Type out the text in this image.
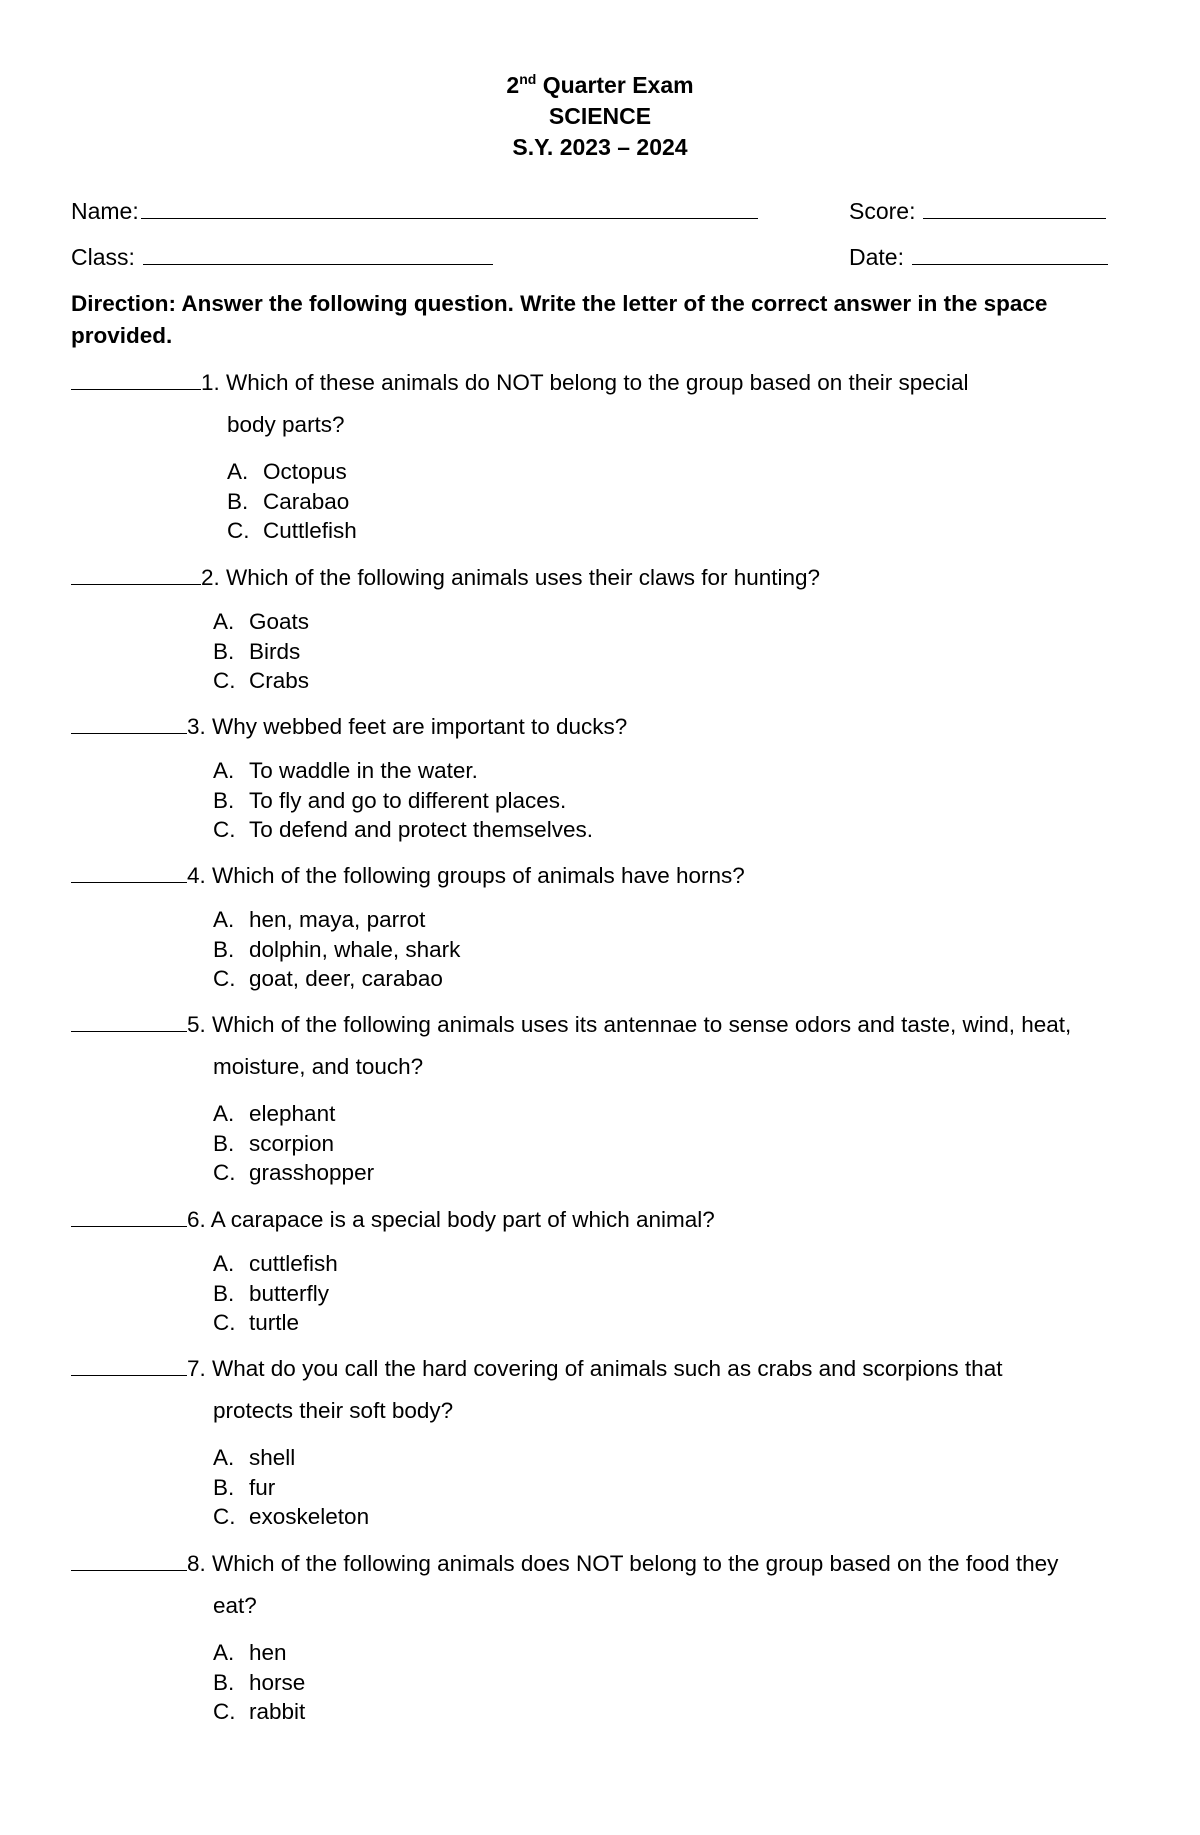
2nd Quarter Exam
SCIENCE
S.Y. 2023 – 2024
Name:	Score:
Class:	Date:
Direction: Answer the following question. Write the letter of the correct answer in the space provided.
1. Which of these animals do NOT belong to the group based on their special
body parts?
A. Octopus
B. Carabao
C. Cuttlefish
2. Which of the following animals uses their claws for hunting?
A. Goats
B. Birds
C. Crabs
3. Why webbed feet are important to ducks?
A. To waddle in the water.
B. To fly and go to different places.
C. To defend and protect themselves.
4. Which of the following groups of animals have horns?
A. hen, maya, parrot
B. dolphin, whale, shark
C. goat, deer, carabao
5. Which of the following animals uses its antennae to sense odors and taste, wind, heat,
moisture, and touch?
A. elephant
B. scorpion
C. grasshopper
6. A carapace is a special body part of which animal?
A. cuttlefish
B. butterfly
C. turtle
7. What do you call the hard covering of animals such as crabs and scorpions that
protects their soft body?
A. shell
B. fur
C. exoskeleton
8. Which of the following animals does NOT belong to the group based on the food they
eat?
A. hen
B. horse
C. rabbit
